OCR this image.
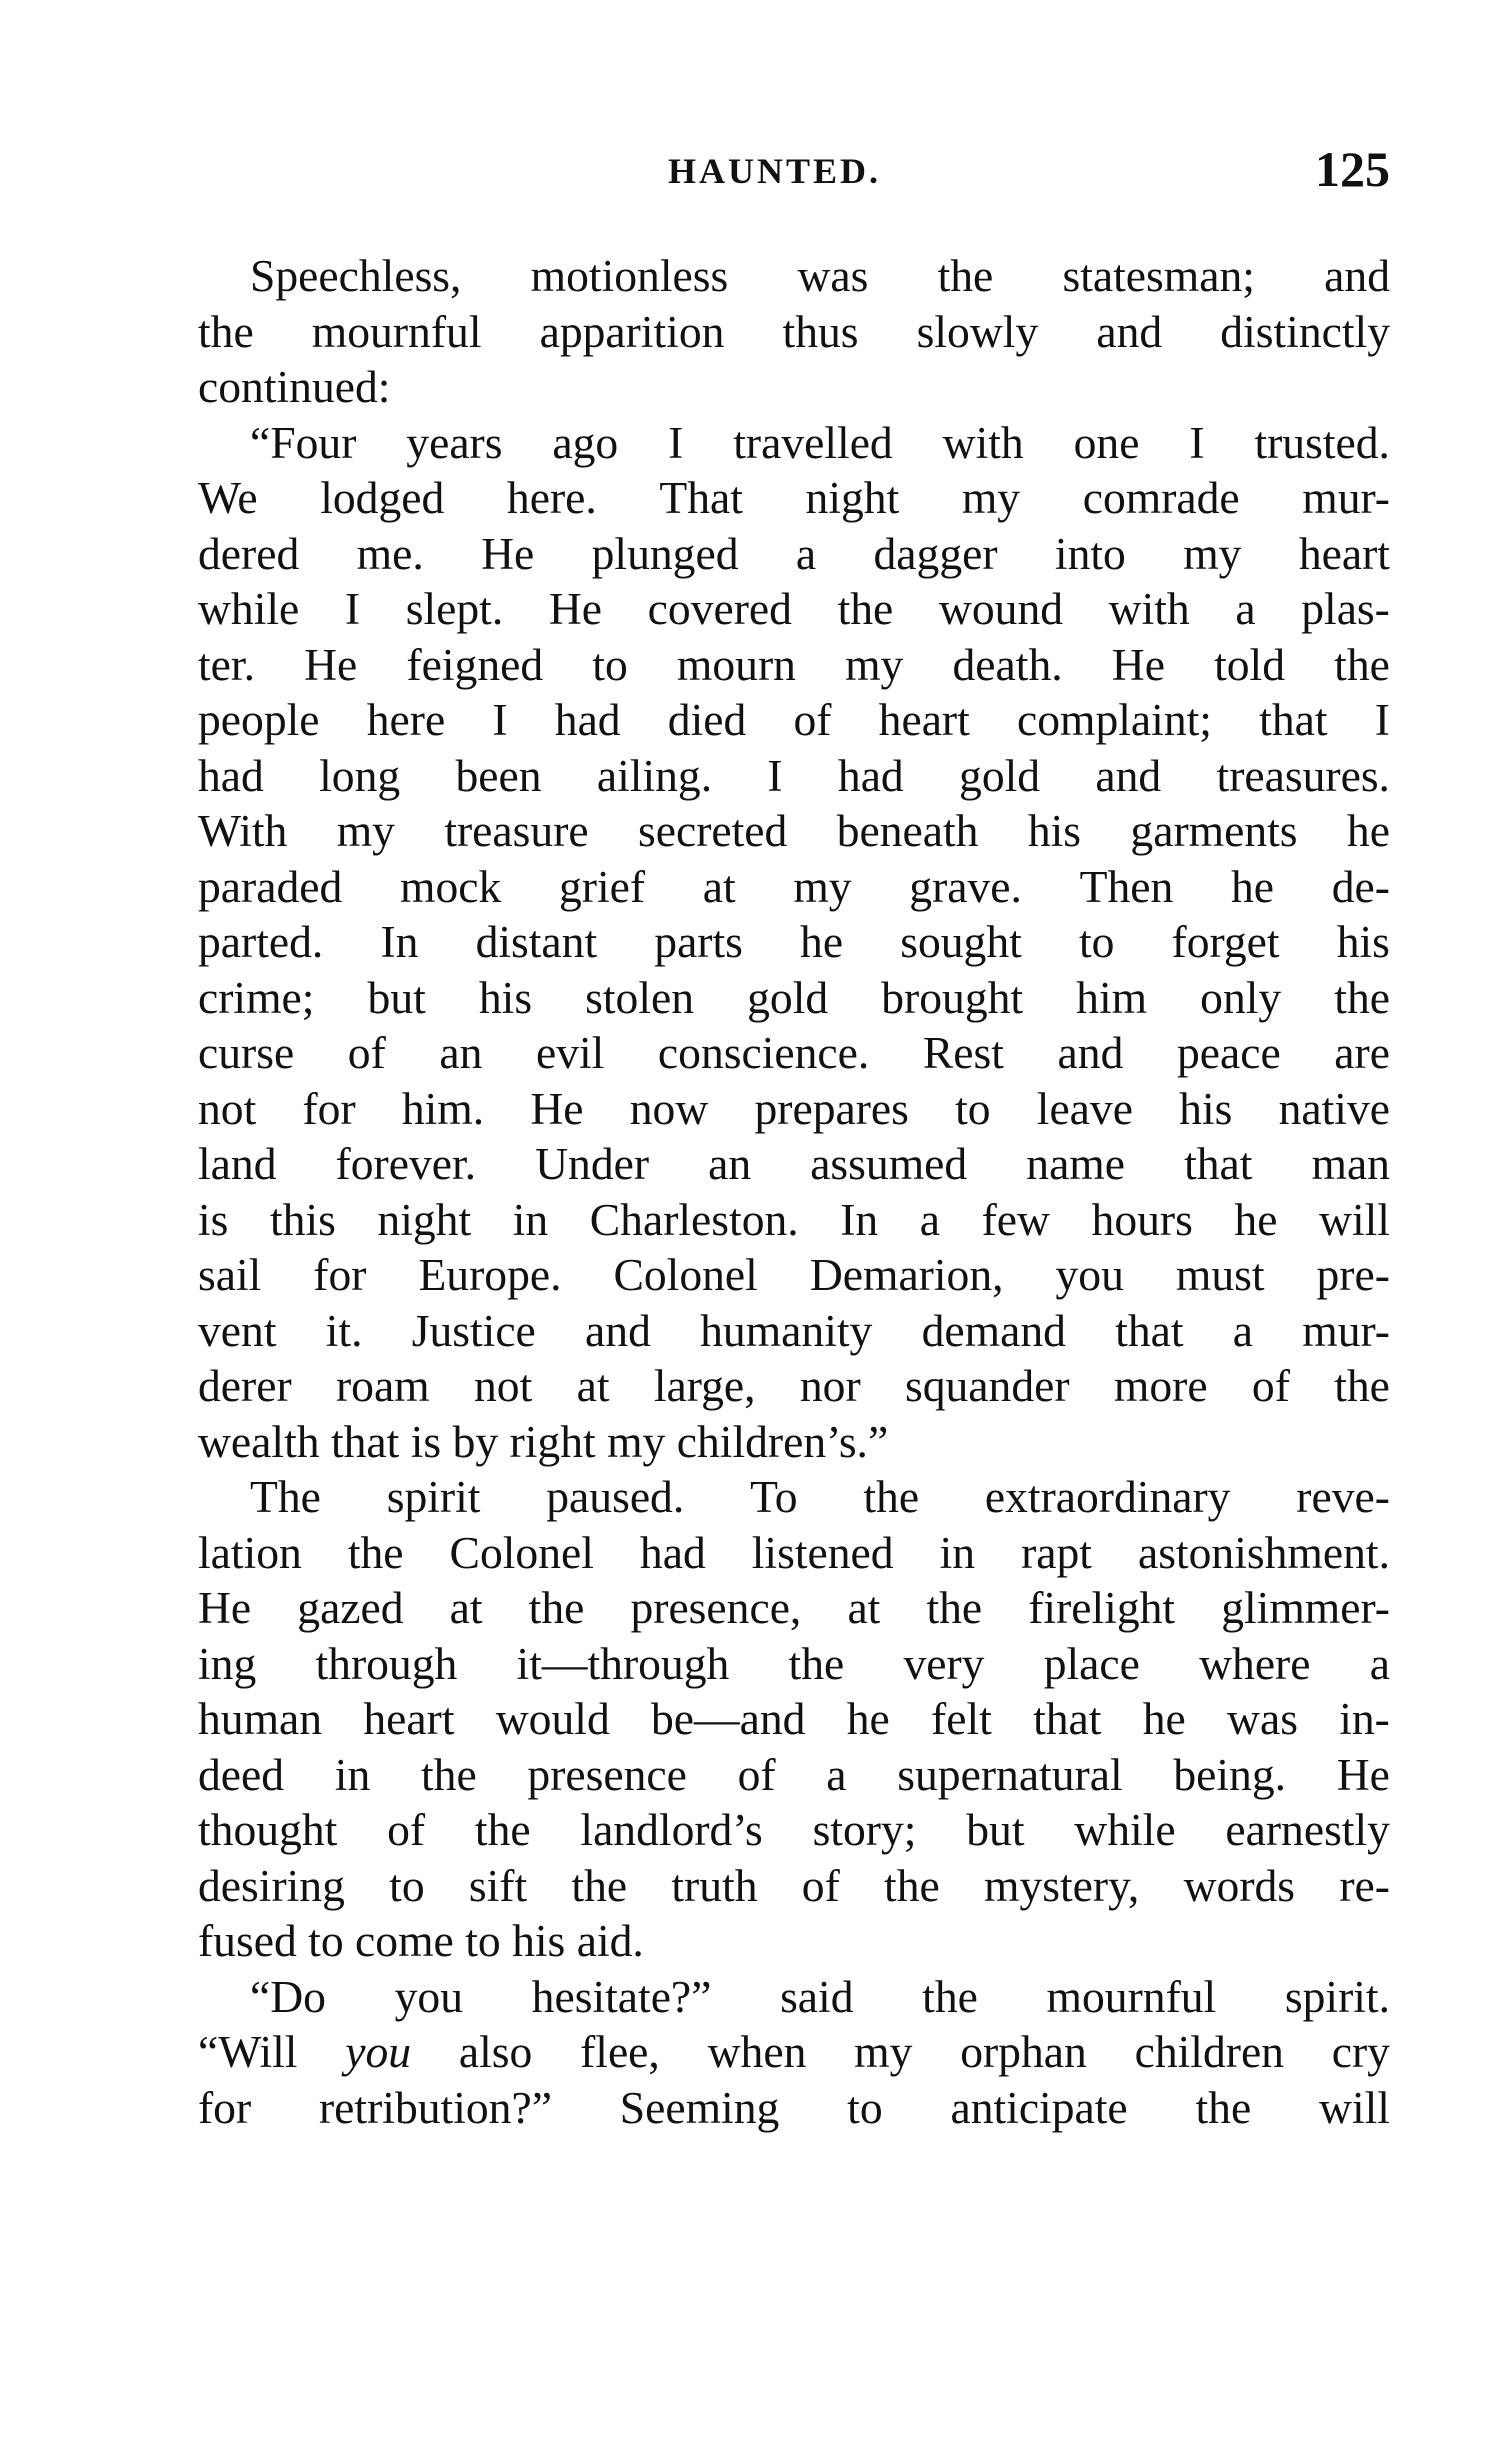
HAUNTED.	125
Speechless, motionless was the statesman; and
the mournful apparition thus slowly and distinctly
continued:
“Four years ago I travelled with one I trusted.
We lodged here. That night my comrade mur-
dered me. He plunged a dagger into my heart
while I slept. He covered the wound with a plas-
ter. He feigned to mourn my death. He told the
people here I had died of heart complaint; that I
had long been ailing. I had gold and treasures.
With my treasure secreted beneath his garments he
paraded mock grief at my grave. Then he de-
parted. In distant parts he sought to forget his
crime; but his stolen gold brought him only the
curse of an evil conscience. Rest and peace are
not for him. He now prepares to leave his native
land forever. Under an assumed name that man
is this night in Charleston. In a few hours he will
sail for Europe. Colonel Demarion, you must pre-
vent it. Justice and humanity demand that a mur-
derer roam not at large, nor squander more of the
wealth
that
is
by
right
my
children’s.”
The spirit paused. To the extraordinary reve-
lation the Colonel had listened in rapt astonishment.
He gazed at the presence, at the firelight glimmer-
ing through it—through the very place where a
human heart would be—and he felt that he was in-
deed in the presence of a supernatural being. He
thought of the landlord’s story; but while earnestly
desiring to sift the truth of the mystery, words re-
fused
to
come
to
his
aid.
“Do you hesitate?” said the mournful spirit.
“Will you also flee, when my orphan children cry
for retribution?” Seeming to anticipate the will
